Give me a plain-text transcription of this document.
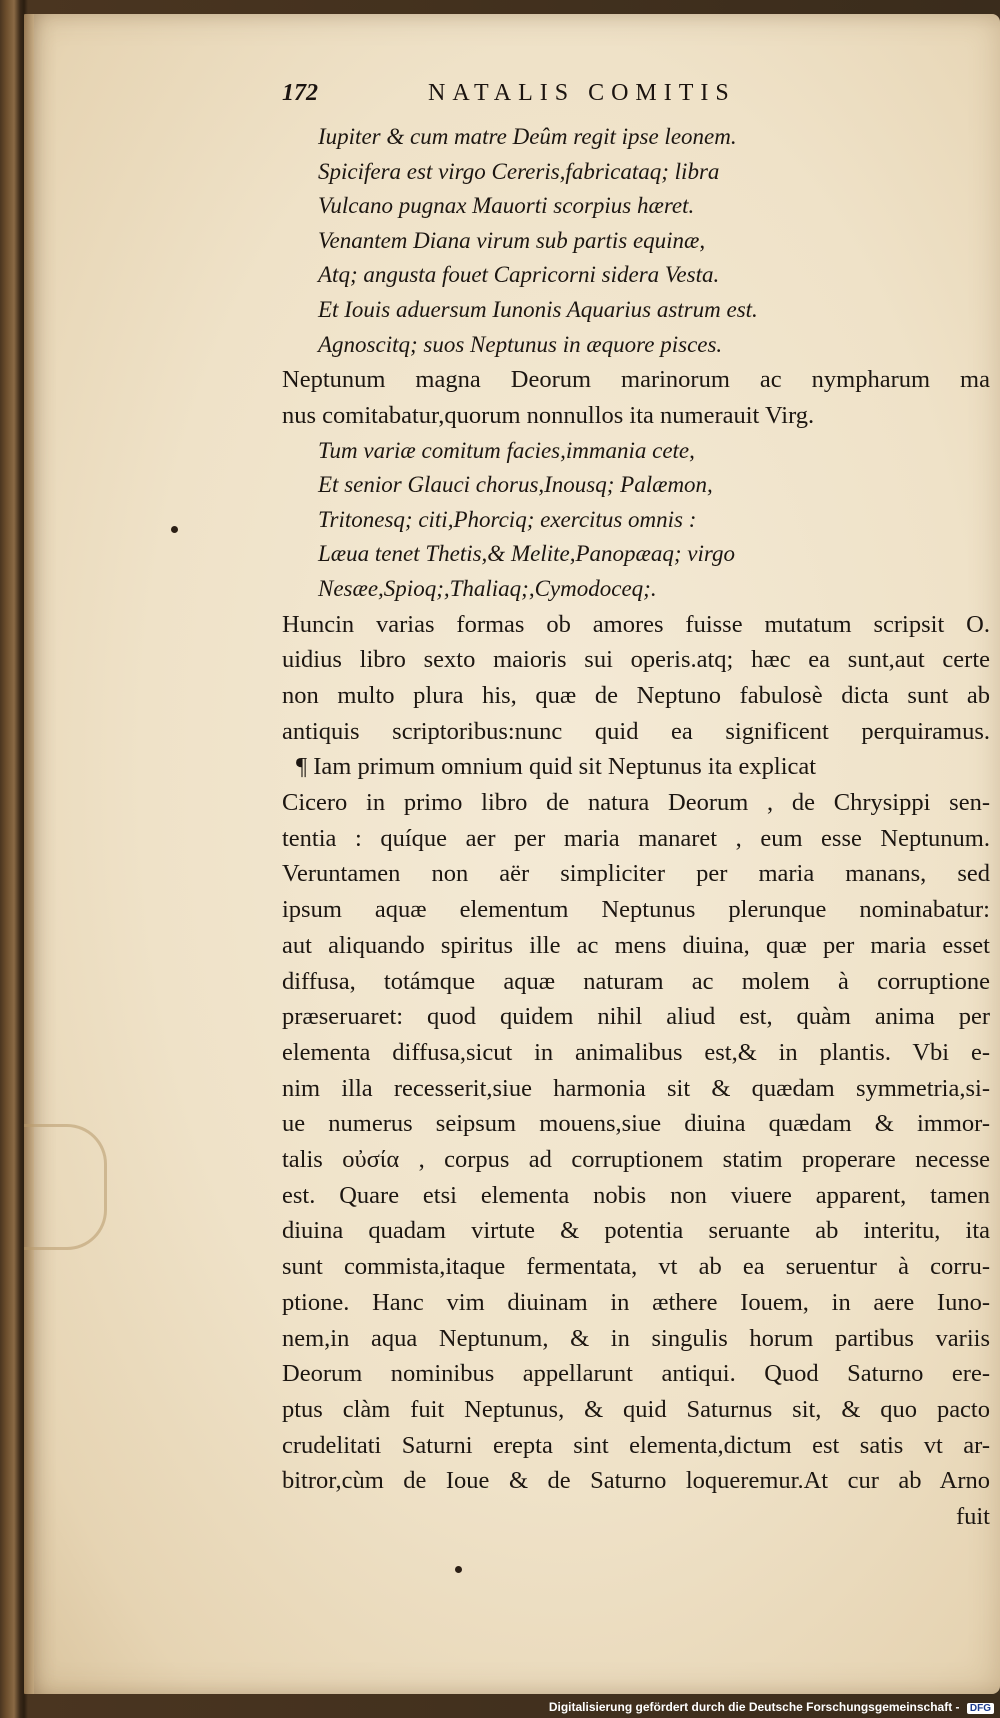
172	NATALIS COMITIS

Iupiter & cum matre Deûm regit ipse leonem.

Spicifera est virgo Cereris,fabricataq; libra

Vulcano pugnax Mauorti scorpius hæret.

Venantem Diana virum sub partis equinæ,

Atq; angusta fouet Capricorni sidera Vesta.

Et Iouis aduersum Iunonis Aquarius astrum est.

Agnoscitq; suos Neptunus in æquore pisces.

Neptunum magna Deorum marinorum ac nympharum ma
nus comitabatur,quorum nonnullos ita numerauit Virg.

Tum variæ comitum facies,immania cete,

Et senior Glauci chorus,Inousq; Palæmon,

Tritonesq; citi,Phorciq; exercitus omnis :

Læua tenet Thetis,& Melite,Panopæaq; virgo

Nesæe,Spioq;,Thaliaq;,Cymodoceq;.

Huncin varias formas ob amores fuisse mutatum scripsit O.
uidius libro sexto maioris sui operis.atq; hæc ea sunt,aut certe
non multo plura his, quæ de Neptuno fabulosè dicta sunt ab
antiquis scriptoribus:nunc quid ea significent perquiramus.
¶ Iam primum omnium quid sit Neptunus ita explicat
Cicero in primo libro de natura Deorum , de Chrysippi sen-
tentia : quíque aer per maria manaret , eum esse Neptunum.
Veruntamen non aër simpliciter per maria manans, sed
ipsum aquæ elementum Neptunus plerunque nominabatur:
aut aliquando spiritus ille ac mens diuina, quæ per maria esset
diffusa, totámque aquæ naturam ac molem à corruptione
præseruaret: quod quidem nihil aliud est, quàm anima per
elementa diffusa,sicut in animalibus est,& in plantis. Vbi e-
nim illa recesserit,siue harmonia sit & quædam symmetria,si-
ue numerus seipsum mouens,siue diuina quædam & immor-
talis οὐσία , corpus ad corruptionem statim properare necesse
est. Quare etsi elementa nobis non viuere apparent, tamen
diuina quadam virtute & potentia seruante ab interitu, ita
sunt commista,itaque fermentata, vt ab ea seruentur à corru-
ptione. Hanc vim diuinam in æthere Iouem, in aere Iuno-
nem,in aqua Neptunum, & in singulis horum partibus variis
Deorum nominibus appellarunt antiqui. Quod Saturno ere-
ptus clàm fuit Neptunus, & quid Saturnus sit, & quo pacto
crudelitati Saturni erepta sint elementa,dictum est satis vt ar-
bitror,cùm de Ioue & de Saturno loqueremur.At cur ab Arno
fuit
Digitalisierung gefördert durch die Deutsche Forschungsgemeinschaft - DFG
